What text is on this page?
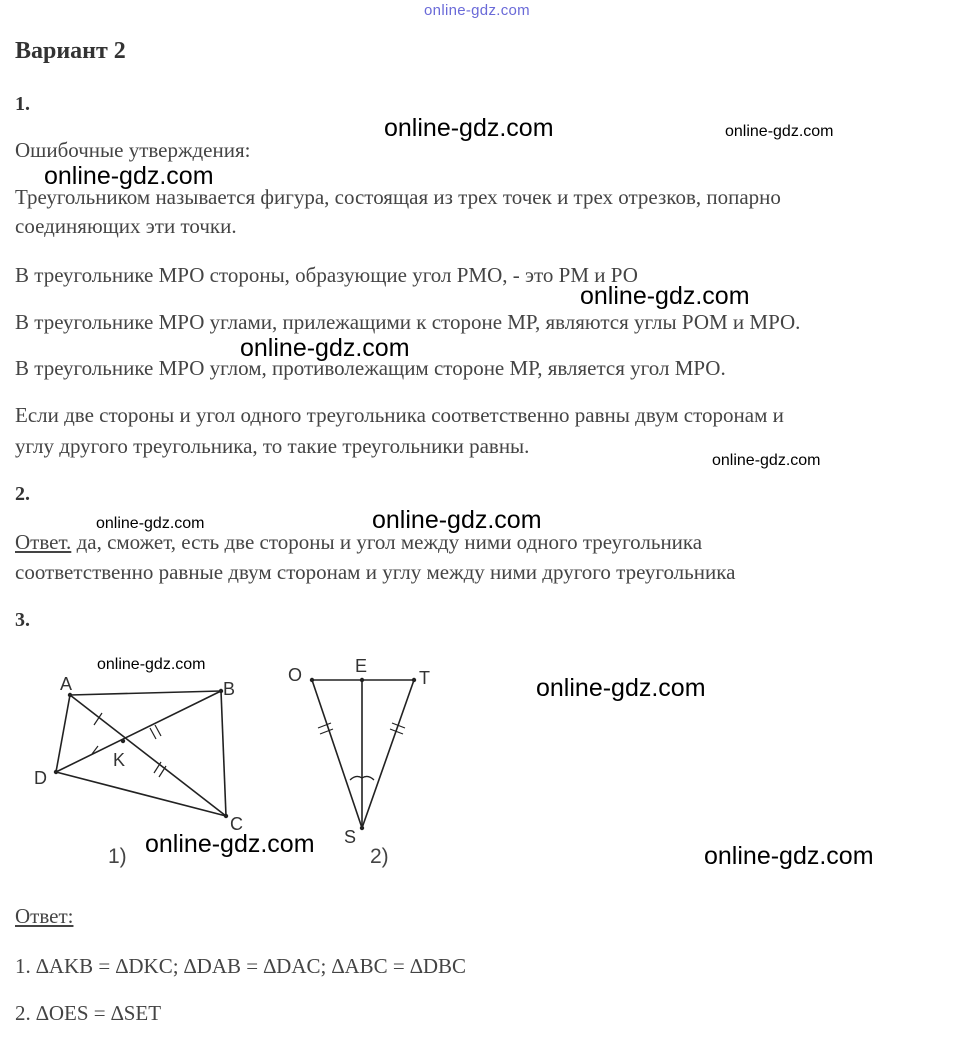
online-gdz.com
Вариант 2
1.
Ошибочные утверждения:
Треугольником называется фигура, состоящая из трех точек и трех отрезков, попарно
соединяющих эти точки.
В треугольнике МРО стороны, образующие угол РМО, - это РМ и РО
В треугольнике МРО углами, прилежащими к стороне МР, являются углы РОМ и МРО.
В треугольнике МРО углом, противолежащим стороне МР, является угол МРО.
Если две стороны и угол одного треугольника соответственно равны двум сторонам и
углу другого треугольника, то такие треугольники равны.
2.
Ответ. да, сможет, есть две стороны и угол между ними одного треугольника
соответственно равные двум сторонам и углу между ними другого треугольника
3.
A	B
C
D
K
1)
O	E
T
S
2)
Ответ:
1. ∆AKB = ∆DKC; ∆DAB = ∆DAC; ∆ABC = ∆DBC
2. ∆OES = ∆SET
online-gdz.com	online-gdz.com
online-gdz.com
online-gdz.com
online-gdz.com
online-gdz.com
online-gdz.com	online-gdz.com
online-gdz.com
online-gdz.com
online-gdz.com	online-gdz.com
